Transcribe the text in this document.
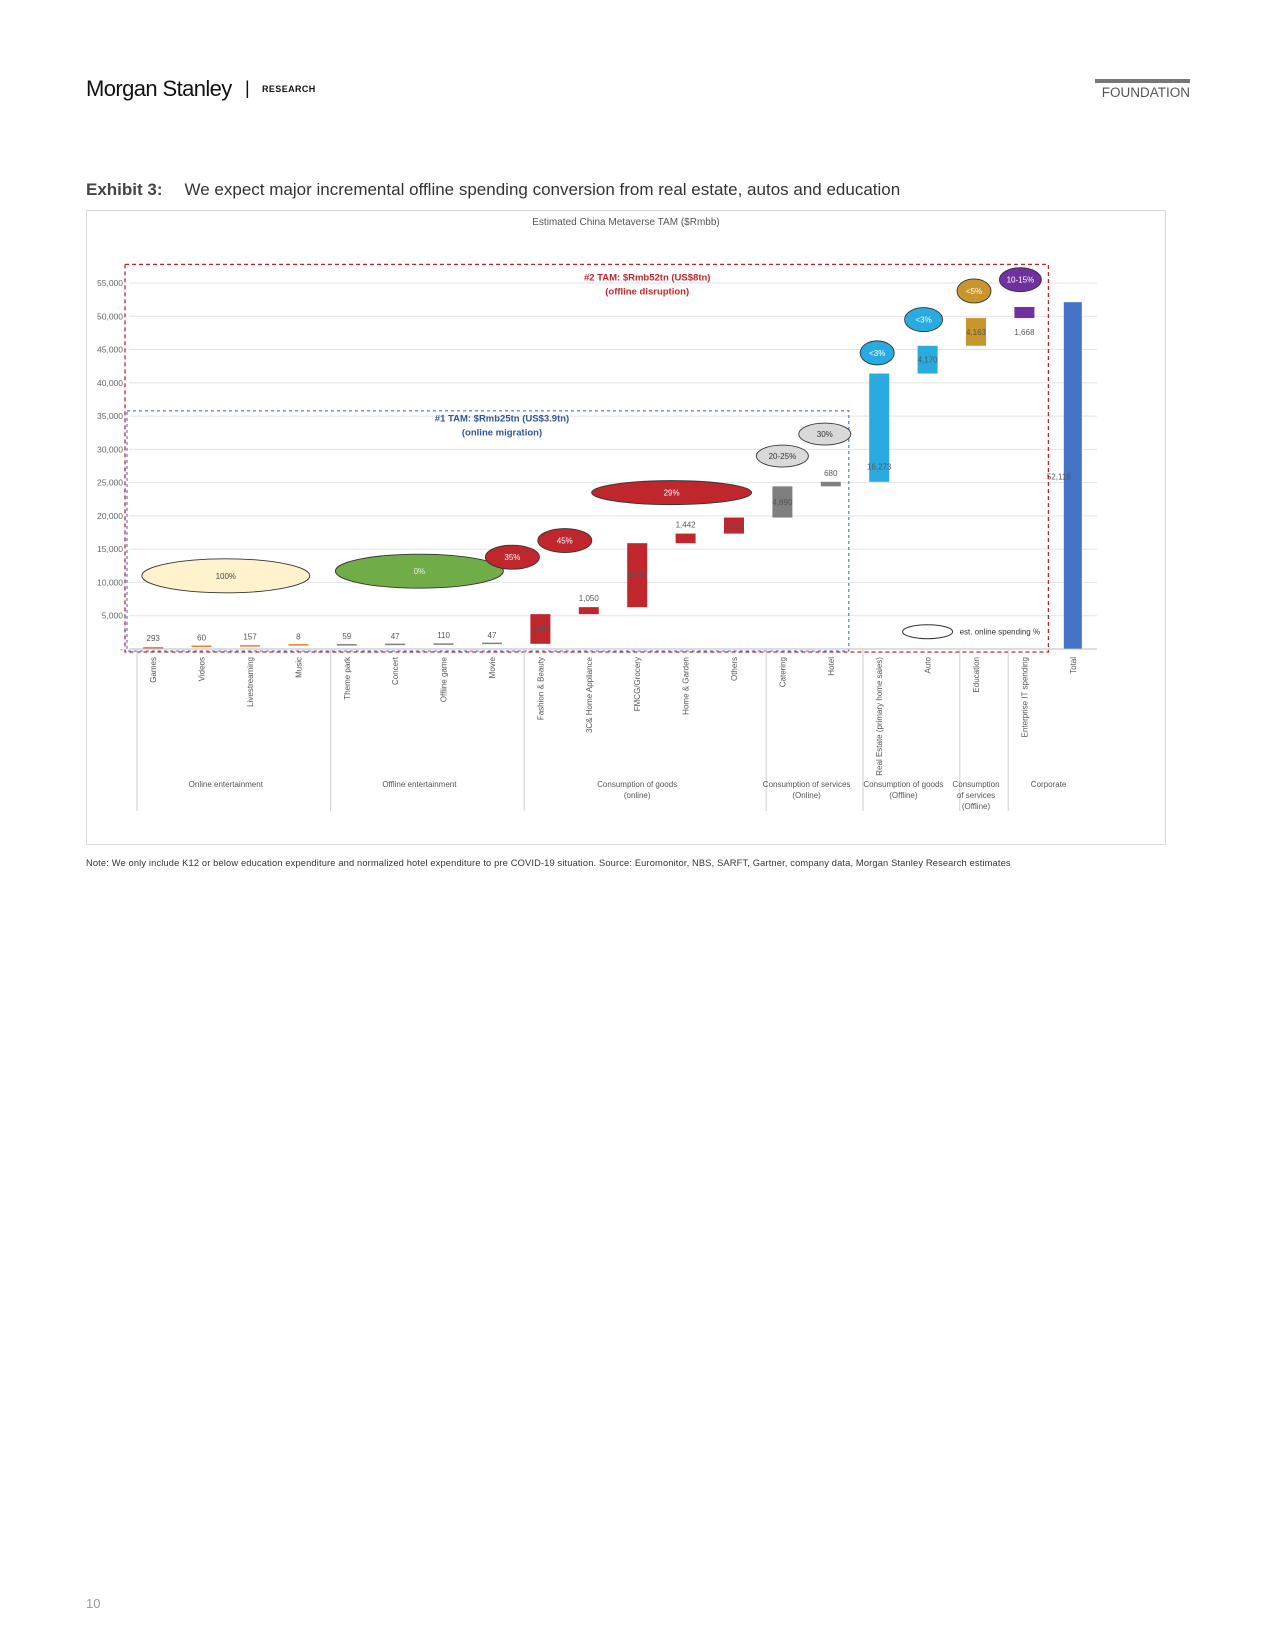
Morgan Stanley | RESEARCH	FOUNDATION
Exhibit 3: We expect major incremental offline spending conversion from real estate, autos and education
-
5,000
10,000
15,000
20,000
25,000
30,000
35,000
40,000
45,000
50,000
55,000
293	60	157	8	59	47	110	47
4,457
1,050
9,614
1,442	2,410
4,690
680
16,273
4,170
4,163	1,668
52,116
#2 TAM: $Rmb52tn (US$8tn)
(offline disruption)
#1 TAM: $Rmb25tn (US$3.9tn)
(online migration)
100%
0%
35%
45%
29%
20-25%
30%
<3%
<3%
<5%
10-15%
est. online spending %
Games	Videos	Livestreaming	Music	Theme park	Concert	Offline game	Movie	Fashion & Beauty	3C& Home Appliance	FMCG/Grocery	Home & Garden	Others	Catering	Hotel	Real Estate (primary home sales)	Auto	Education	Enterprise IT spending	Total
Online entertainment	Offline entertainment	Consumption of goods
(online)
Consumption of services
(Online)
Consumption of goods
(Offline)
Consumption
of services
(Offline)
Corporate
Estimated China Metaverse TAM ($Rmbb)
Note: We only include K12 or below education expenditure and normalized hotel expenditure to pre COVID-19 situation. Source: Euromonitor, NBS, SARFT, Gartner, company data, Morgan Stanley Research estimates
10
